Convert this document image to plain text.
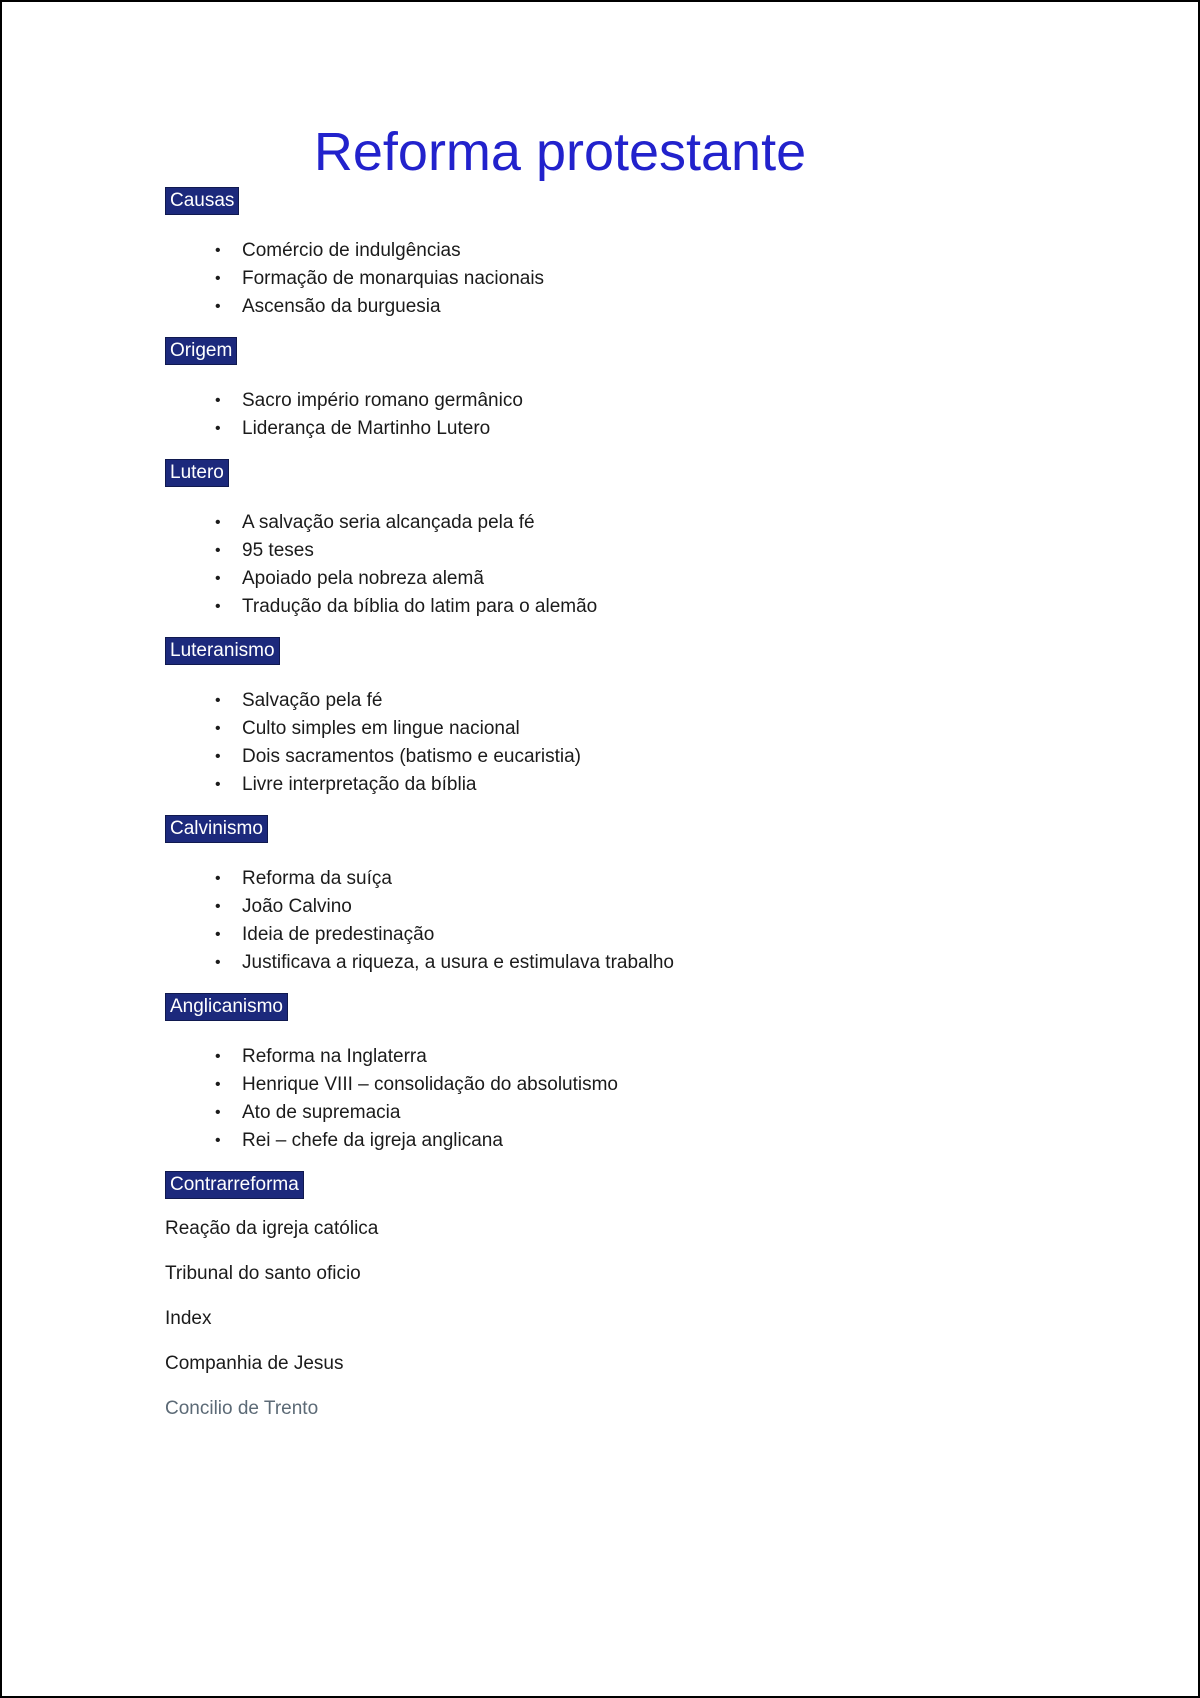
Reforma protestante
Causas
• Comércio de indulgências
• Formação de monarquias nacionais
• Ascensão da burguesia
Origem
• Sacro império romano germânico
• Liderança de Martinho Lutero
Lutero
• A salvação seria alcançada pela fé
• 95 teses
• Apoiado pela nobreza alemã
• Tradução da bíblia do latim para o alemão
Luteranismo
• Salvação pela fé
• Culto simples em lingue nacional
• Dois sacramentos (batismo e eucaristia)
• Livre interpretação da bíblia
Calvinismo
• Reforma da suíça
• João Calvino
• Ideia de predestinação
• Justificava a riqueza, a usura e estimulava trabalho
Anglicanismo
• Reforma na Inglaterra
• Henrique VIII – consolidação do absolutismo
• Ato de supremacia
• Rei – chefe da igreja anglicana
Contrarreforma

Reação da igreja católica

Tribunal do santo oficio

Index

Companhia de Jesus

Concilio de Trento
